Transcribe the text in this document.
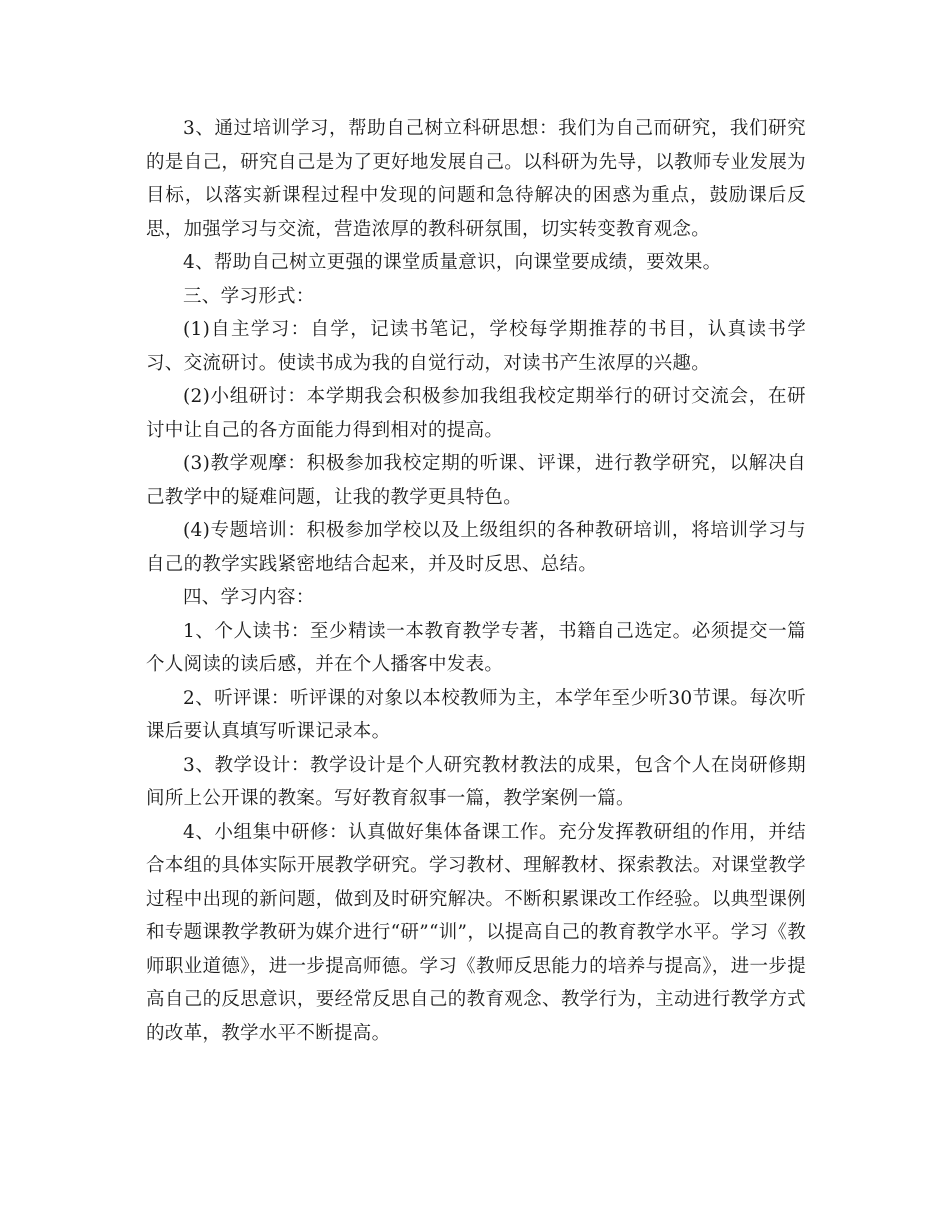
3、通过培训学习，帮助自己树立科研思想：我们为自己而研究，我们研究的是自己，研究自己是为了更好地发展自己。以科研为先导，以教师专业发展为目标，以落实新课程过程中发现的问题和急待解决的困惑为重点，鼓励课后反思，加强学习与交流，营造浓厚的教科研氛围，切实转变教育观念。

4、帮助自己树立更强的课堂质量意识，向课堂要成绩，要效果。

三、学习形式：

(1)自主学习：自学，记读书笔记，学校每学期推荐的书目，认真读书学习、交流研讨。使读书成为我的自觉行动，对读书产生浓厚的兴趣。

(2)小组研讨：本学期我会积极参加我组我校定期举行的研讨交流会，在研讨中让自己的各方面能力得到相对的提高。

(3)教学观摩：积极参加我校定期的听课、评课，进行教学研究，以解决自己教学中的疑难问题，让我的教学更具特色。

(4)专题培训：积极参加学校以及上级组织的各种教研培训，将培训学习与自己的教学实践紧密地结合起来，并及时反思、总结。

四、学习内容：

1、个人读书：至少精读一本教育教学专著，书籍自己选定。必须提交一篇个人阅读的读后感，并在个人播客中发表。

2、听评课：听评课的对象以本校教师为主，本学年至少听30节课。每次听课后要认真填写听课记录本。

3、教学设计：教学设计是个人研究教材教法的成果，包含个人在岗研修期间所上公开课的教案。写好教育叙事一篇，教学案例一篇。

4、小组集中研修：认真做好集体备课工作。充分发挥教研组的作用，并结合本组的具体实际开展教学研究。学习教材、理解教材、探索教法。对课堂教学过程中出现的新问题，做到及时研究解决。不断积累课改工作经验。以典型课例和专题课教学教研为媒介进行“研”“训”，以提高自己的教育教学水平。学习《教师职业道德》，进一步提高师德。学习《教师反思能力的培养与提高》，进一步提高自己的反思意识，要经常反思自己的教育观念、教学行为，主动进行教学方式的改革，教学水平不断提高。
